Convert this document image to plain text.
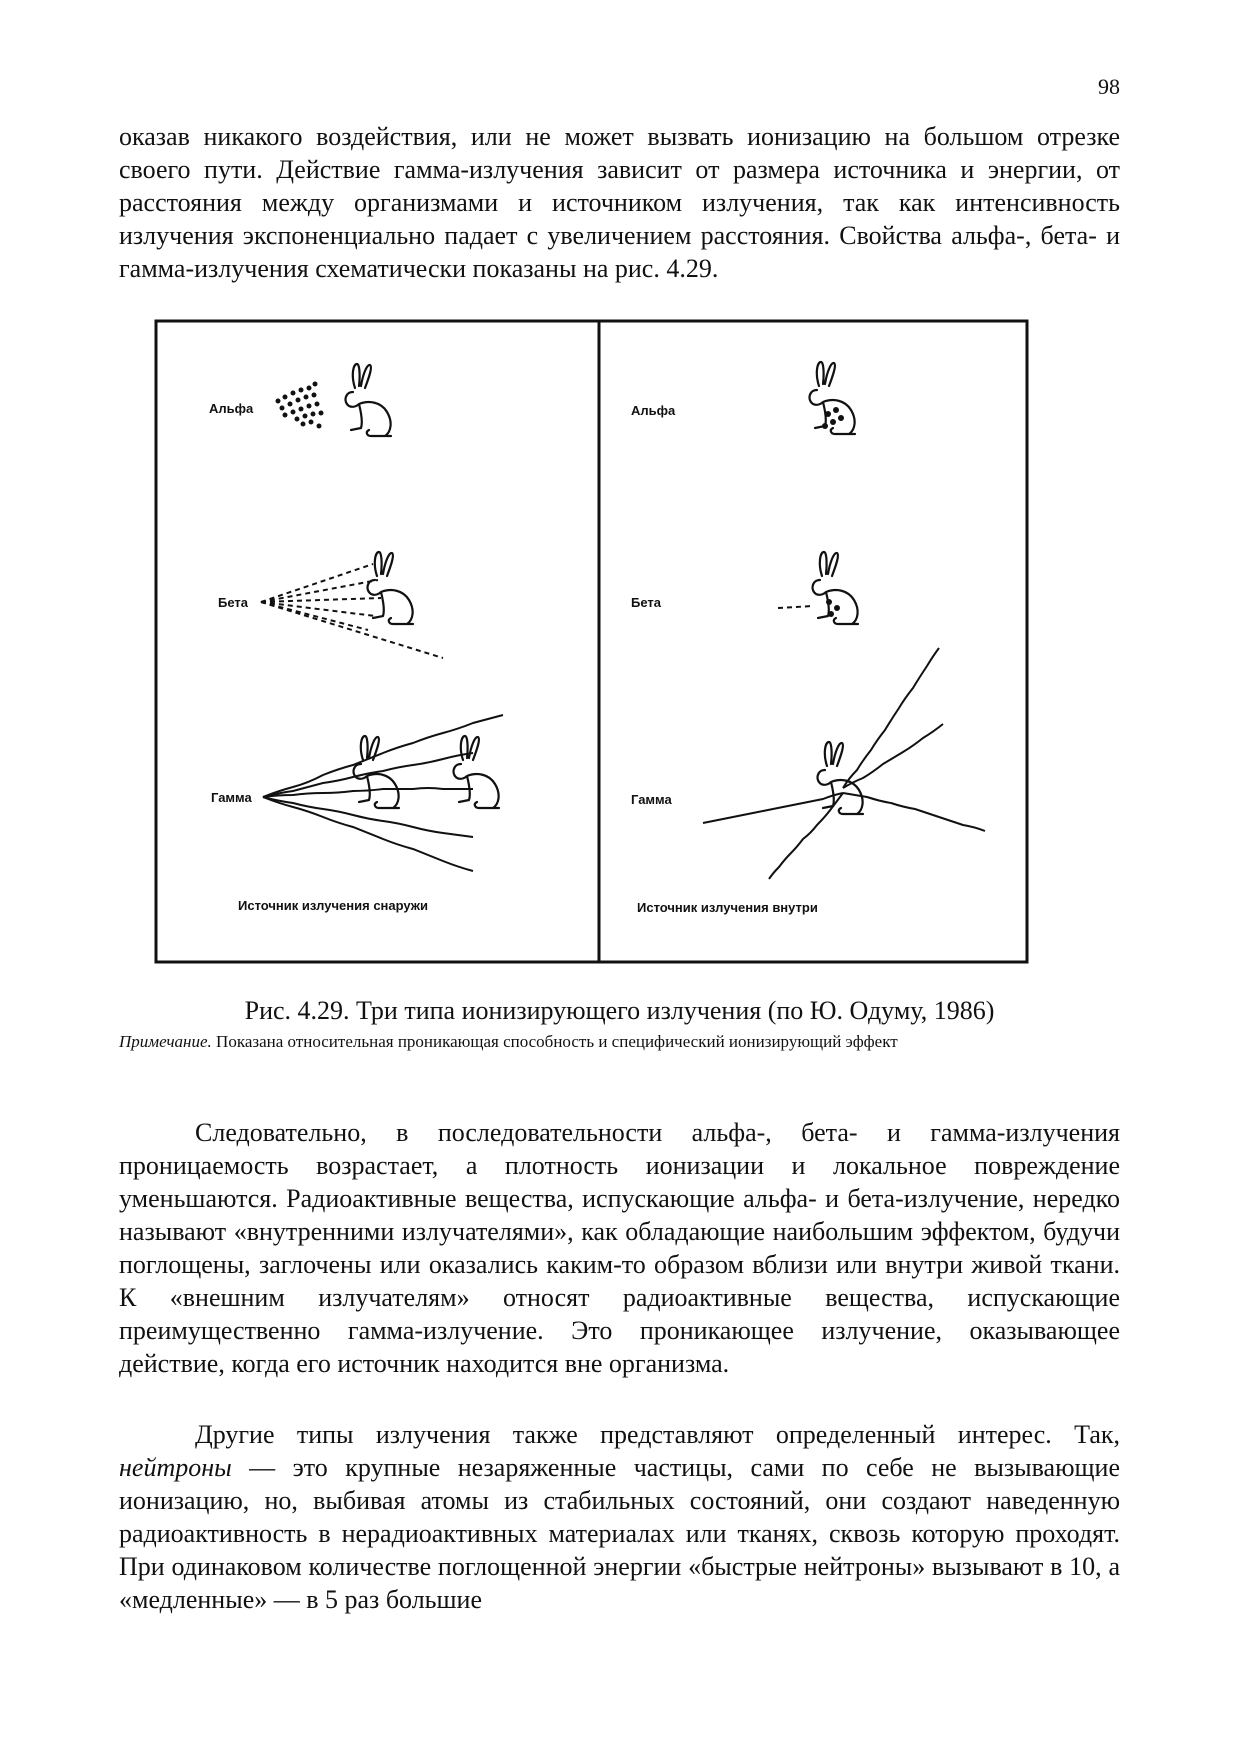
98

оказав никакого воздействия, или не может вызвать ионизацию на большом отрезке своего пути. Действие гамма-излучения зависит от размера источника и энергии, от расстояния между организмами и источником излучения, так как интенсивность излучения экспоненциально падает с увеличением расстояния. Свойства альфа-, бета- и гамма-излучения схематически показаны на рис. 4.29.

Альфа
Бета
Гамма
Источник излучения снаружи
Альфа
Бета
Гамма
Источник излучения внутри

Рис. 4.29. Три типа ионизирующего излучения (по Ю. Одуму, 1986)

Примечание. Показана относительная проникающая способность и специфический ионизирующий эффект

Следовательно, в последовательности альфа-, бета- и гамма-излучения проницаемость возрастает, а плотность ионизации и локальное повреждение уменьшаются. Радиоактивные вещества, испускающие альфа- и бета-излучение, нередко называют «внутренними излучателями», как обладающие наибольшим эффектом, будучи поглощены, заглочены или оказались каким-то образом вблизи или внутри живой ткани. К «внешним излучателям» относят радиоактивные вещества, испускающие преимущественно гамма-излучение. Это проникающее излучение, оказывающее действие, когда его источник находится вне организма.

Другие типы излучения также представляют определенный интерес. Так, нейтроны — это крупные незаряженные частицы, сами по себе не вызывающие ионизацию, но, выбивая атомы из стабильных состояний, они создают наведенную радиоактивность в нерадиоактивных материалах или тканях, сквозь которую проходят. При одинаковом количестве поглощенной энергии «быстрые нейтроны» вызывают в 10, а «медленные» — в 5 раз большие
